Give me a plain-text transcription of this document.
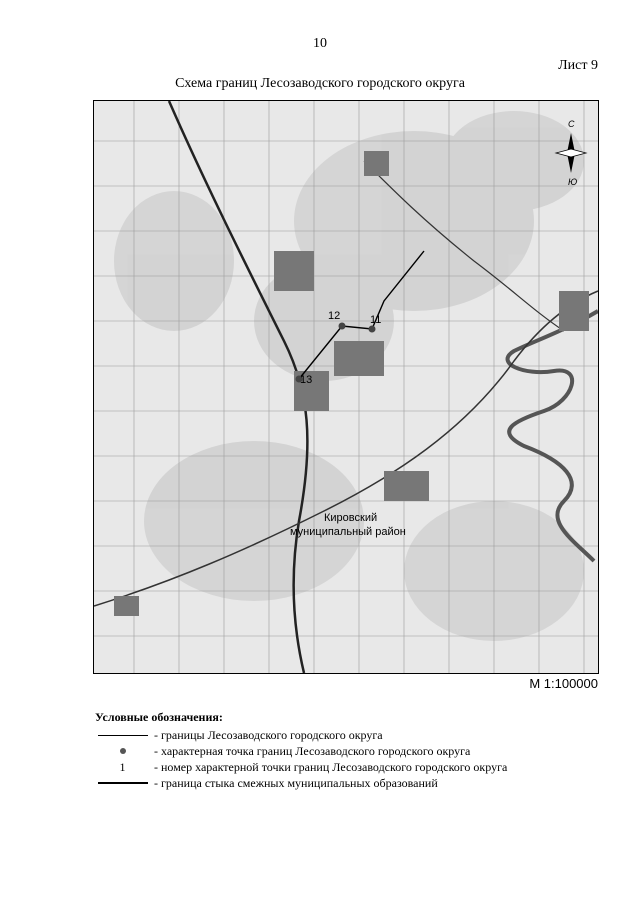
10
Лист 9
Схема границ Лесозаводского городского округа
11
12
13
Кировский
муниципальный район
С
Ю
М 1:100000
Условные обозначения:
- границы Лесозаводского городского округа
- характерная точка границ Лесозаводского городского округа
1	- номер характерной точки границ Лесозаводского городского округа
- граница стыка смежных муниципальных образований
